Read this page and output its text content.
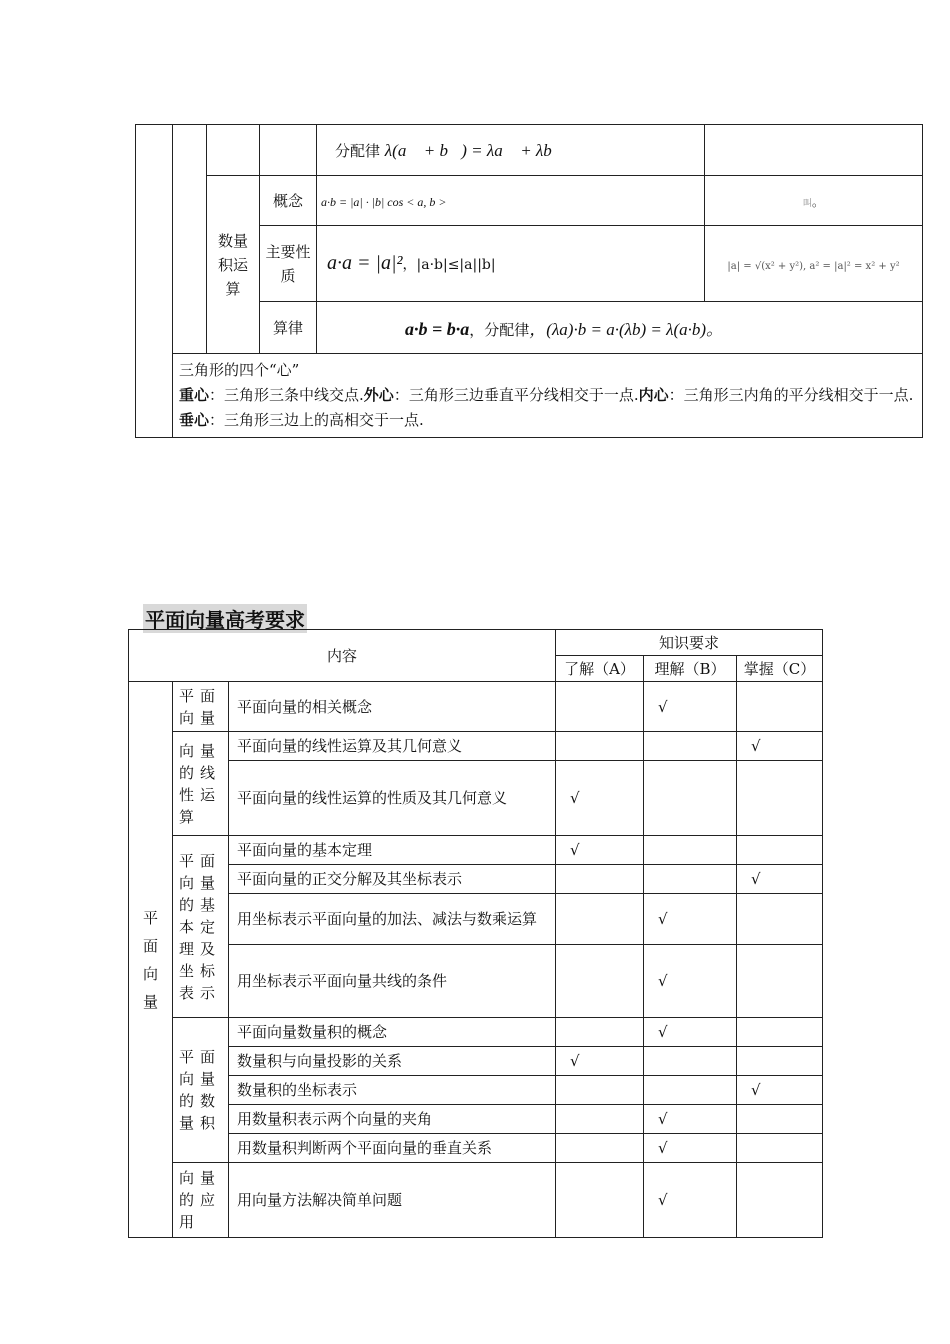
				分配律 λ(a⃗ + b⃗) = λa⃗ + λb⃗	
		数量积运算	概念	a·b = |a| · |b| cos < a, b >	叫。
			主要性质	a·a = |a|²，|a·b|≤|a||b|	|a| = √(x² + y²), a² = |a|² = x² + y²
			算律	a·b = b·a，分配律，(λa)·b = a·(λb) = λ(a·b)。	

	三角形的四个“心”
重心：三角形三条中线交点.外心：三角形三边垂直平分线相交于一点.内心：三角形三内角的平分线相交于一点.垂心：三角形三边上的高相交于一点.				
平面向量高考要求
内容			知识要求		
			了解（A）	理解（B）	掌握（C）
平面向量	平面向量	平面向量的相关概念		√	
	向量的线性运算	平面向量的线性运算及其几何意义			√
		平面向量的线性运算的性质及其几何意义	√		
	平面向量的基本定理及坐标表示	平面向量的基本定理	√		
		平面向量的正交分解及其坐标表示			√
		用坐标表示平面向量的加法、减法与数乘运算		√	
		用坐标表示平面向量共线的条件		√	
	平面向量的数量积	平面向量数量积的概念		√	
		数量积与向量投影的关系	√		
		数量积的坐标表示			√
		用数量积表示两个向量的夹角		√	
		用数量积判断两个平面向量的垂直关系		√	
	向量的应用	用向量方法解决简单问题		√	
